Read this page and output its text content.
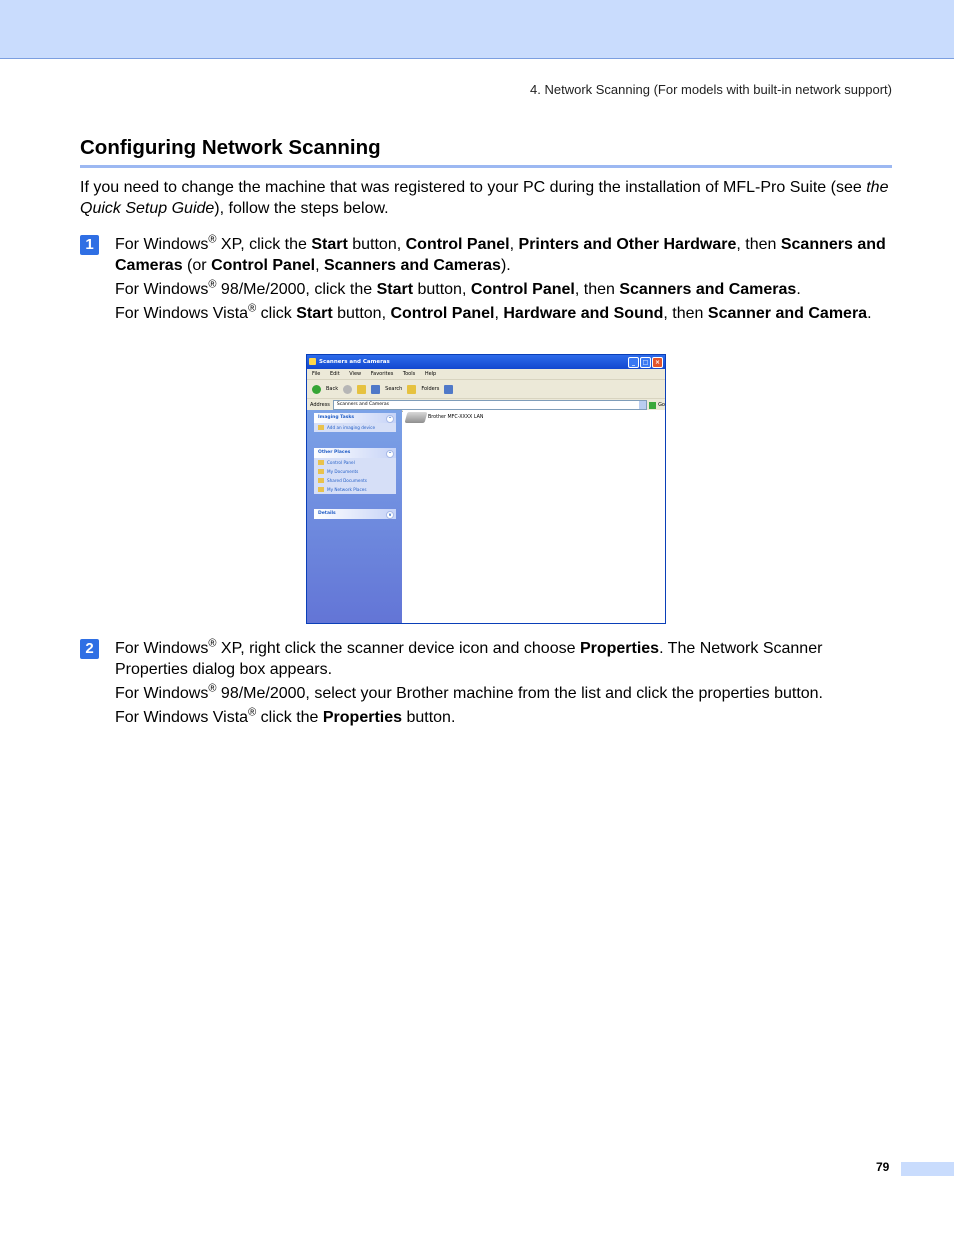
4. Network Scanning (For models with built-in network support)
Configuring Network Scanning

If you need to change the machine that was registered to your PC during the installation of MFL-Pro Suite (see the Quick Setup Guide), follow the steps below.

1	For Windows® XP, click the Start button, Control Panel, Printers and Other Hardware, then Scanners and Cameras (or Control Panel, Scanners and Cameras).

For Windows® 98/Me/2000, click the Start button, Control Panel, then Scanners and Cameras.

For Windows Vista® click Start button, Control Panel, Hardware and Sound, then Scanner and Camera.

Scanners and Cameras	_	□	×
File Edit View Favorites Tools Help
Back	Search	Folders
Address	Scanners and Cameras	Go
Imaging Tasks	^
Add an imaging device
Other Places	^
Control Panel
My Documents
Shared Documents
My Network Places
Details	v
Brother MFC-XXXX LAN
2	For Windows® XP, right click the scanner device icon and choose Properties. The Network Scanner Properties dialog box appears.

For Windows® 98/Me/2000, select your Brother machine from the list and click the properties button.

For Windows Vista® click the Properties button.

79
